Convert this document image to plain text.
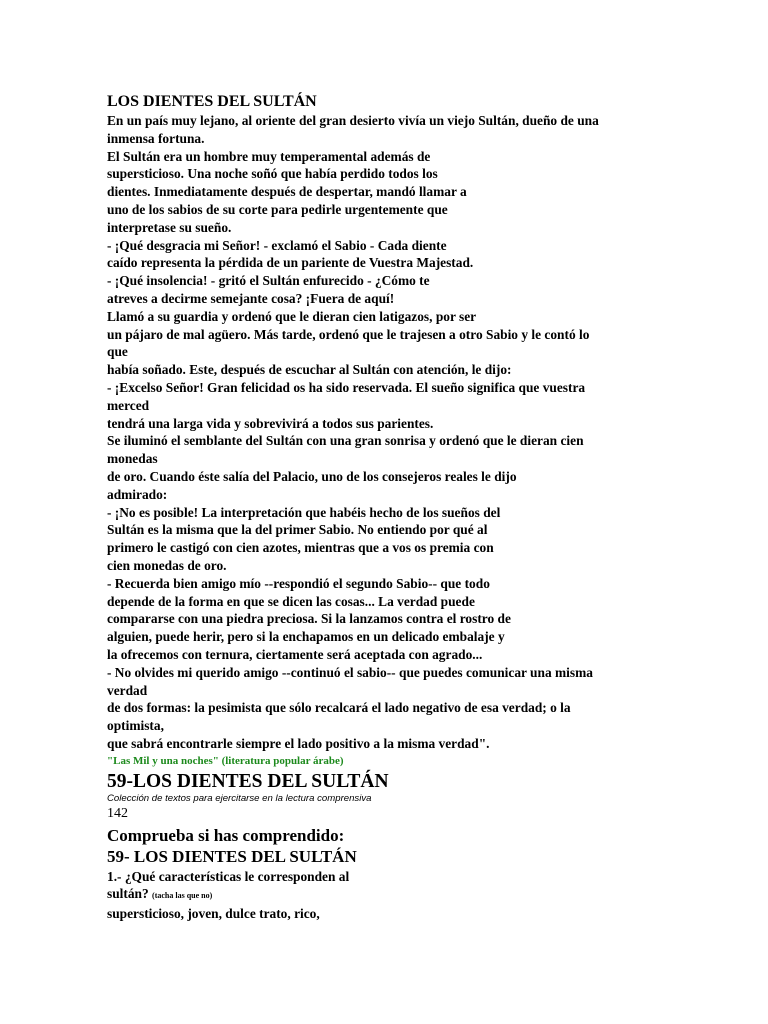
LOS DIENTES DEL SULTÁN

En un país muy lejano, al oriente del gran desierto vivía un viejo Sultán, dueño de una

inmensa fortuna.

El Sultán era un hombre muy temperamental además de

supersticioso. Una noche soñó que había perdido todos los

dientes. Inmediatamente después de despertar, mandó llamar a

uno de los sabios de su corte para pedirle urgentemente que

interpretase su sueño.

- ¡Qué desgracia mi Señor! - exclamó el Sabio - Cada diente

caído representa la pérdida de un pariente de Vuestra Majestad.

- ¡Qué insolencia! - gritó el Sultán enfurecido - ¿Cómo te

atreves a decirme semejante cosa? ¡Fuera de aquí!

Llamó a su guardia y ordenó que le dieran cien latigazos, por ser

un pájaro de mal agüero. Más tarde, ordenó que le trajesen a otro Sabio y le contó lo

que

había soñado. Este, después de escuchar al Sultán con atención, le dijo:

- ¡Excelso Señor! Gran felicidad os ha sido reservada. El sueño significa que vuestra

merced

tendrá una larga vida y sobrevivirá a todos sus parientes.

Se iluminó el semblante del Sultán con una gran sonrisa y ordenó que le dieran cien

monedas

de oro. Cuando éste salía del Palacio, uno de los consejeros reales le dijo

admirado:

- ¡No es posible! La interpretación que habéis hecho de los sueños del

Sultán es la misma que la del primer Sabio. No entiendo por qué al

primero le castigó con cien azotes, mientras que a vos os premia con

cien monedas de oro.

- Recuerda bien amigo mío --respondió el segundo Sabio-- que todo

depende de la forma en que se dicen las cosas... La verdad puede

compararse con una piedra preciosa. Si la lanzamos contra el rostro de

alguien, puede herir, pero si la enchapamos en un delicado embalaje y

la ofrecemos con ternura, ciertamente será aceptada con agrado...

- No olvides mi querido amigo --continuó el sabio-- que puedes comunicar una misma

verdad

de dos formas: la pesimista que sólo recalcará el lado negativo de esa verdad; o la

optimista,

que sabrá encontrarle siempre el lado positivo a la misma verdad".

"Las Mil y una noches" (literatura popular árabe)

59-LOS DIENTES DEL SULTÁN

Colección de textos para ejercitarse en la lectura comprensiva

142

Comprueba si has comprendido:

59- LOS DIENTES DEL SULTÁN

1.- ¿Qué características le corresponden al

sultán? (tacha las que no)

supersticioso, joven, dulce trato, rico,
